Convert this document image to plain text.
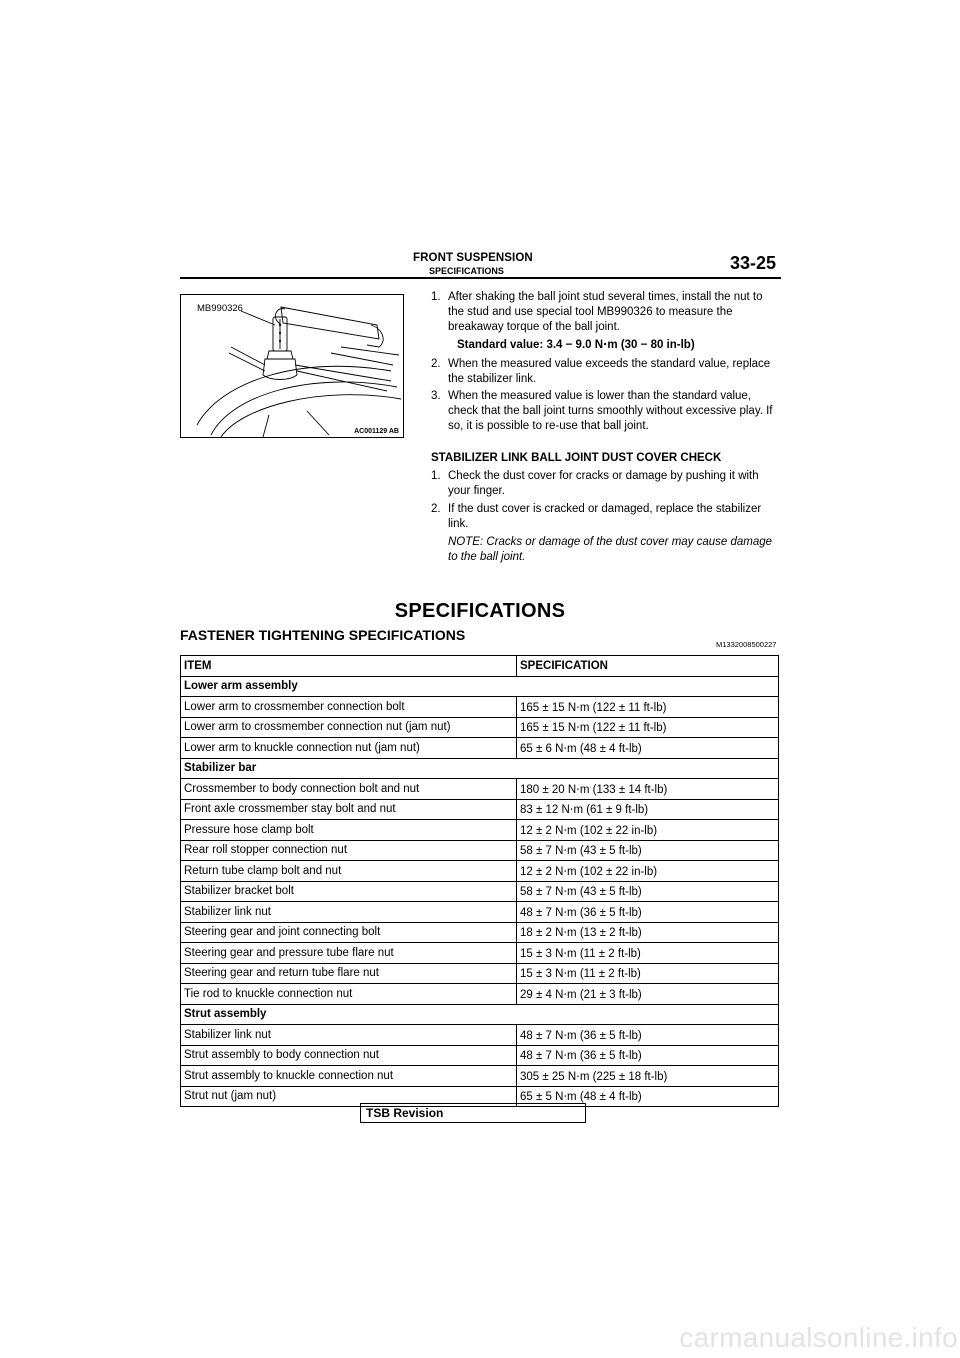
FRONT SUSPENSION
SPECIFICATIONS	33-25
MB990326
AC001129 AB
1. After shaking the ball joint stud several times, install the nut to the stud and use special tool MB990326 to measure the breakaway torque of the ball joint.
Standard value: 3.4 − 9.0 N⋅m (30 − 80 in-lb)
2. When the measured value exceeds the standard value, replace the stabilizer link.
3. When the measured value is lower than the standard value, check that the ball joint turns smoothly without excessive play. If so, it is possible to re-use that ball joint.
STABILIZER LINK BALL JOINT DUST COVER CHECK
1. Check the dust cover for cracks or damage by pushing it with your finger.
2. If the dust cover is cracked or damaged, replace the stabilizer link.
NOTE: Cracks or damage of the dust cover may cause damage to the ball joint.
SPECIFICATIONS
FASTENER TIGHTENING SPECIFICATIONS
M1332008500227
ITEM	SPECIFICATION
Lower arm assembly	
Lower arm to crossmember connection bolt	165 ± 15 N⋅m (122 ± 11 ft-lb)
Lower arm to crossmember connection nut (jam nut)	165 ± 15 N⋅m (122 ± 11 ft-lb)
Lower arm to knuckle connection nut (jam nut)	65 ± 6 N⋅m (48 ± 4 ft-lb)
Stabilizer bar	
Crossmember to body connection bolt and nut	180 ± 20 N⋅m (133 ± 14 ft-lb)
Front axle crossmember stay bolt and nut	83 ± 12 N⋅m (61 ± 9 ft-lb)
Pressure hose clamp bolt	12 ± 2 N⋅m (102 ± 22 in-lb)
Rear roll stopper connection nut	58 ± 7 N⋅m (43 ± 5 ft-lb)
Return tube clamp bolt and nut	12 ± 2 N⋅m (102 ± 22 in-lb)
Stabilizer bracket bolt	58 ± 7 N⋅m (43 ± 5 ft-lb)
Stabilizer link nut	48 ± 7 N⋅m (36 ± 5 ft-lb)
Steering gear and joint connecting bolt	18 ± 2 N⋅m (13 ± 2 ft-lb)
Steering gear and pressure tube flare nut	15 ± 3 N⋅m (11 ± 2 ft-lb)
Steering gear and return tube flare nut	15 ± 3 N⋅m (11 ± 2 ft-lb)
Tie rod to knuckle connection nut	29 ± 4 N⋅m (21 ± 3 ft-lb)
Strut assembly	
Stabilizer link nut	48 ± 7 N⋅m (36 ± 5 ft-lb)
Strut assembly to body connection nut	48 ± 7 N⋅m (36 ± 5 ft-lb)
Strut assembly to knuckle connection nut	305 ± 25 N⋅m (225 ± 18 ft-lb)
Strut nut (jam nut)	65 ± 5 N⋅m (48 ± 4 ft-lb)
TSB Revision
carmanualsonline.info
